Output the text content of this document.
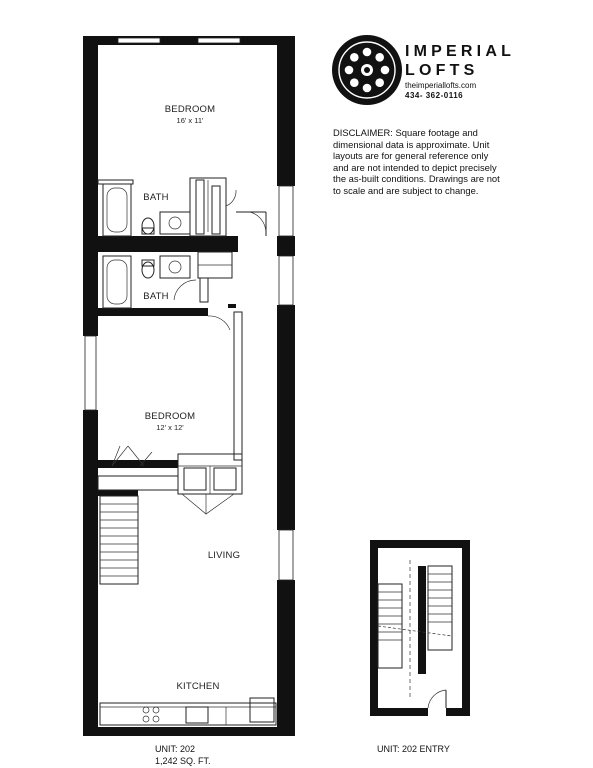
IMPERIAL
LOFTS
theimperiallofts.com
434- 362-0116
DISCLAIMER: Square footage and dimensional data is approximate. Unit layouts are for general reference only and are not intended to depict precisely the as-built conditions. Drawings are not to scale and are subject to change.
BEDROOM
16' x 11'
BATH
BATH
BEDROOM
12' x 12'
LIVING
KITCHEN
UNIT: 202
1,242 SQ. FT.
UNIT: 202 ENTRY
